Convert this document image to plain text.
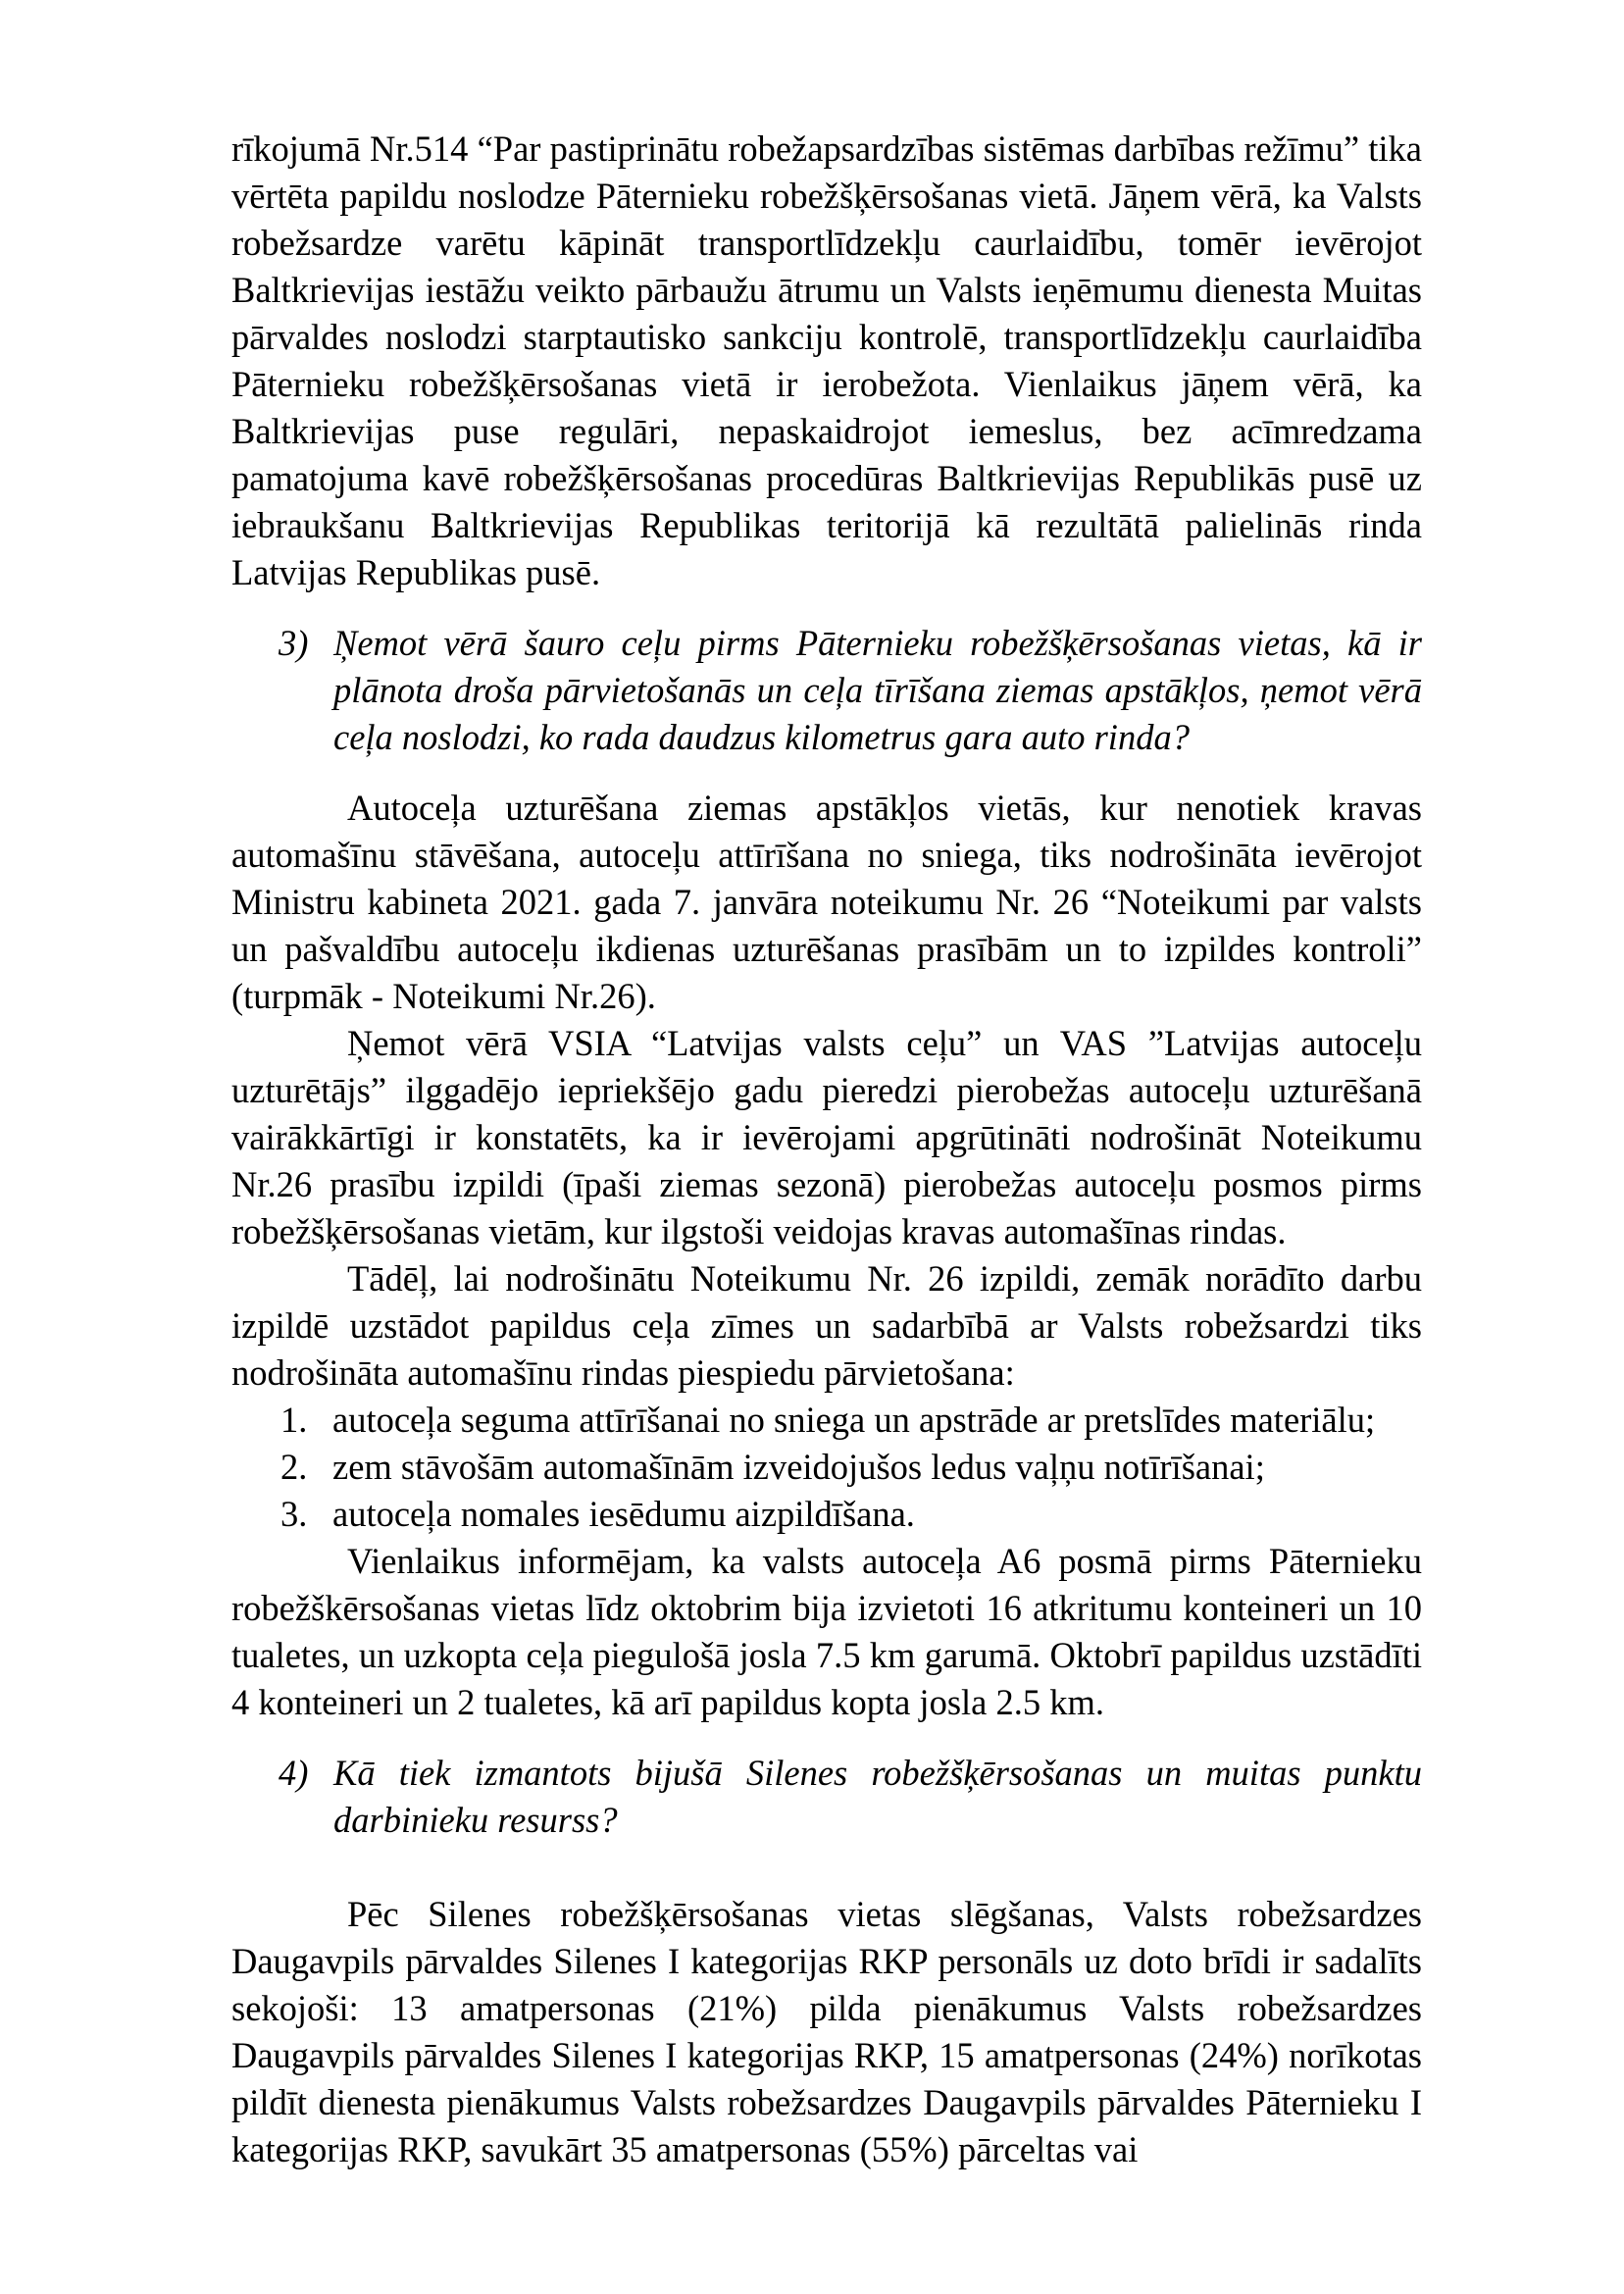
rīkojumā Nr.514 “Par pastiprinātu robežapsardzības sistēmas darbības režīmu” tika vērtēta papildu noslodze Pāternieku robežšķērsošanas vietā. Jāņem vērā, ka Valsts robežsardze varētu kāpināt transportlīdzekļu caurlaidību, tomēr ievērojot Baltkrievijas iestāžu veikto pārbaužu ātrumu un Valsts ieņēmumu dienesta Muitas pārvaldes noslodzi starptautisko sankciju kontrolē, transportlīdzekļu caurlaidība Pāternieku robežšķērsošanas vietā ir ierobežota. Vienlaikus jāņem vērā, ka Baltkrievijas puse regulāri, nepaskaidrojot iemeslus, bez acīmredzama pamatojuma kavē robežšķērsošanas procedūras Baltkrievijas Republikās pusē uz iebraukšanu Baltkrievijas Republikas teritorijā kā rezultātā palielinās rinda Latvijas Republikas pusē.

3) Ņemot vērā šauro ceļu pirms Pāternieku robežšķērsošanas vietas, kā ir plānota droša pārvietošanās un ceļa tīrīšana ziemas apstākļos, ņemot vērā ceļa noslodzi, ko rada daudzus kilometrus gara auto rinda?

Autoceļa uzturēšana ziemas apstākļos vietās, kur nenotiek kravas automašīnu stāvēšana, autoceļu attīrīšana no sniega, tiks nodrošināta ievērojot Ministru kabineta 2021. gada 7. janvāra noteikumu Nr. 26 “Noteikumi par valsts un pašvaldību autoceļu ikdienas uzturēšanas prasībām un to izpildes kontroli” (turpmāk - Noteikumi Nr.26).

Ņemot vērā VSIA “Latvijas valsts ceļu” un VAS ”Latvijas autoceļu uzturētājs” ilggadējo iepriekšējo gadu pieredzi pierobežas autoceļu uzturēšanā vairākkārtīgi ir konstatēts, ka ir ievērojami apgrūtināti nodrošināt Noteikumu Nr.26 prasību izpildi (īpaši ziemas sezonā) pierobežas autoceļu posmos pirms robežšķērsošanas vietām, kur ilgstoši veidojas kravas automašīnas rindas.

Tādēļ, lai nodrošinātu Noteikumu Nr. 26 izpildi, zemāk norādīto darbu izpildē uzstādot papildus ceļa zīmes un sadarbībā ar Valsts robežsardzi tiks nodrošināta automašīnu rindas piespiedu pārvietošana:

1. autoceļa seguma attīrīšanai no sniega un apstrāde ar pretslīdes materiālu;
2. zem stāvošām automašīnām izveidojušos ledus vaļņu notīrīšanai;
3. autoceļa nomales iesēdumu aizpildīšana.

Vienlaikus informējam, ka valsts autoceļa A6 posmā pirms Pāternieku robežškērsošanas vietas līdz oktobrim bija izvietoti 16 atkritumu konteineri un 10 tualetes, un uzkopta ceļa piegulošā josla 7.5 km garumā. Oktobrī papildus uzstādīti 4 konteineri un 2 tualetes, kā arī papildus kopta josla 2.5 km.

4) Kā tiek izmantots bijušā Silenes robežšķērsošanas un muitas punktu darbinieku resurss?

Pēc Silenes robežšķērsošanas vietas slēgšanas, Valsts robežsardzes Daugavpils pārvaldes Silenes I kategorijas RKP personāls uz doto brīdi ir sadalīts sekojoši: 13 amatpersonas (21%) pilda pienākumus Valsts robežsardzes Daugavpils pārvaldes Silenes I kategorijas RKP, 15 amatpersonas (24%) norīkotas pildīt dienesta pienākumus Valsts robežsardzes Daugavpils pārvaldes Pāternieku I kategorijas RKP, savukārt 35 amatpersonas (55%) pārceltas vai
